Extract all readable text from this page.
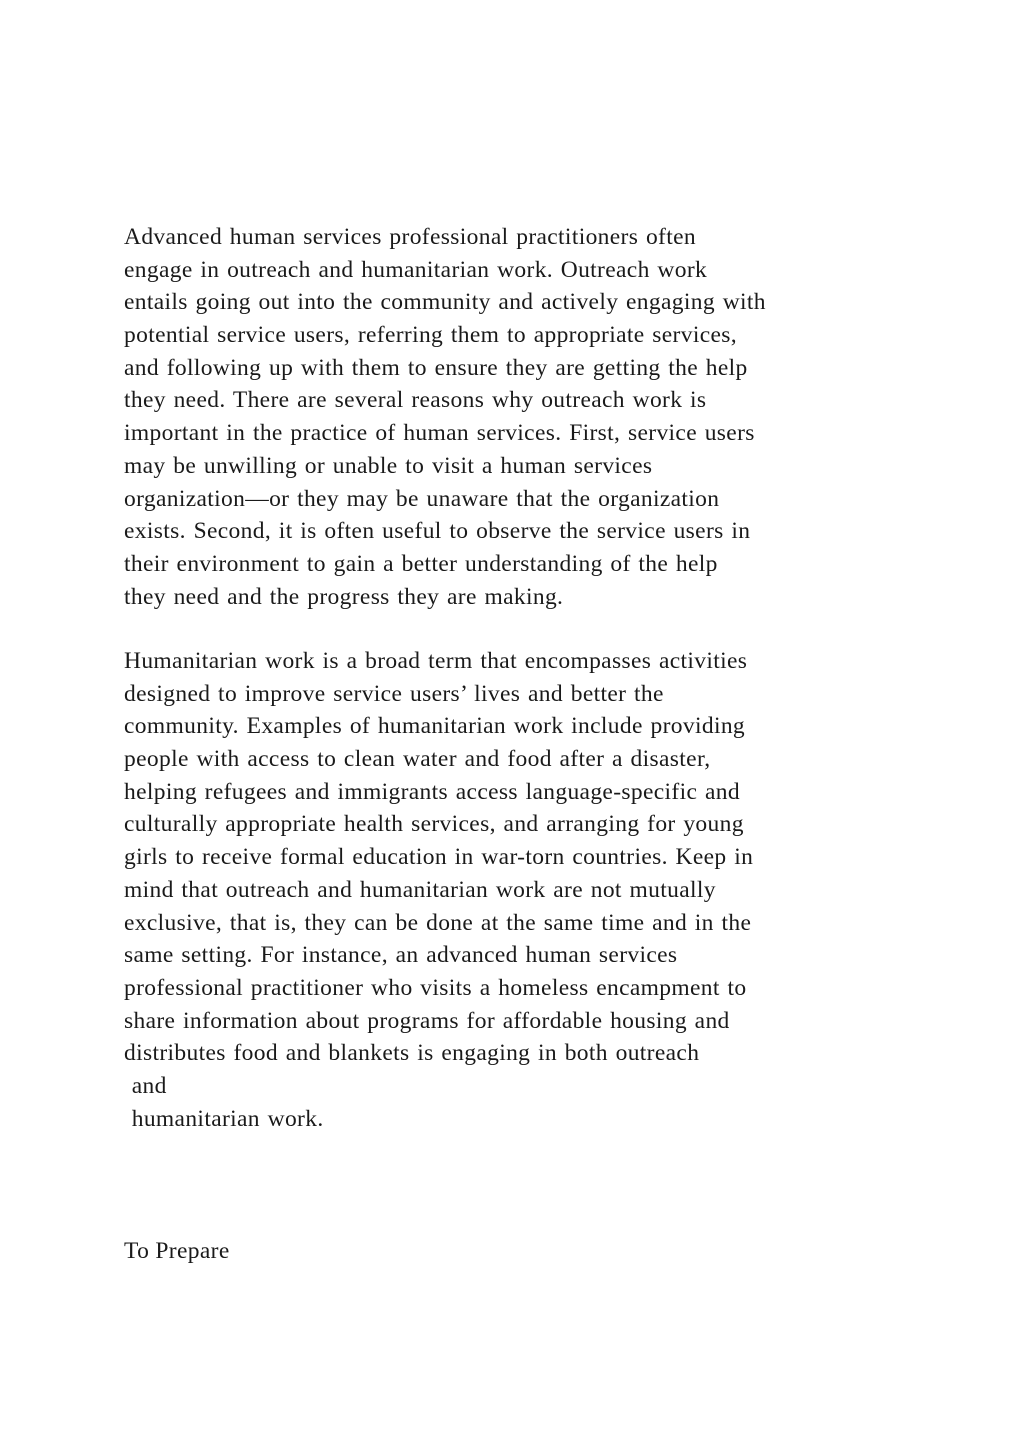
Advanced human services professional practitioners often
engage in outreach and humanitarian work. Outreach work
entails going out into the community and actively engaging with
potential service users, referring them to appropriate services,
and following up with them to ensure they are getting the help
they need. There are several reasons why outreach work is
important in the practice of human services. First, service users
may be unwilling or unable to visit a human services
organization—or they may be unaware that the organization
exists. Second, it is often useful to observe the service users in
their environment to gain a better understanding of the help
they need and the progress they are making.

Humanitarian work is a broad term that encompasses activities
designed to improve service users’ lives and better the
community. Examples of humanitarian work include providing
people with access to clean water and food after a disaster,
helping refugees and immigrants access language-specific and
culturally appropriate health services, and arranging for young
girls to receive formal education in war-torn countries. Keep in
mind that outreach and humanitarian work are not mutually
exclusive, that is, they can be done at the same time and in the
same setting. For instance, an advanced human services
professional practitioner who visits a homeless encampment to
share information about programs for affordable housing and
distributes food and blankets is engaging in both outreach
and
humanitarian work.

To Prepare
